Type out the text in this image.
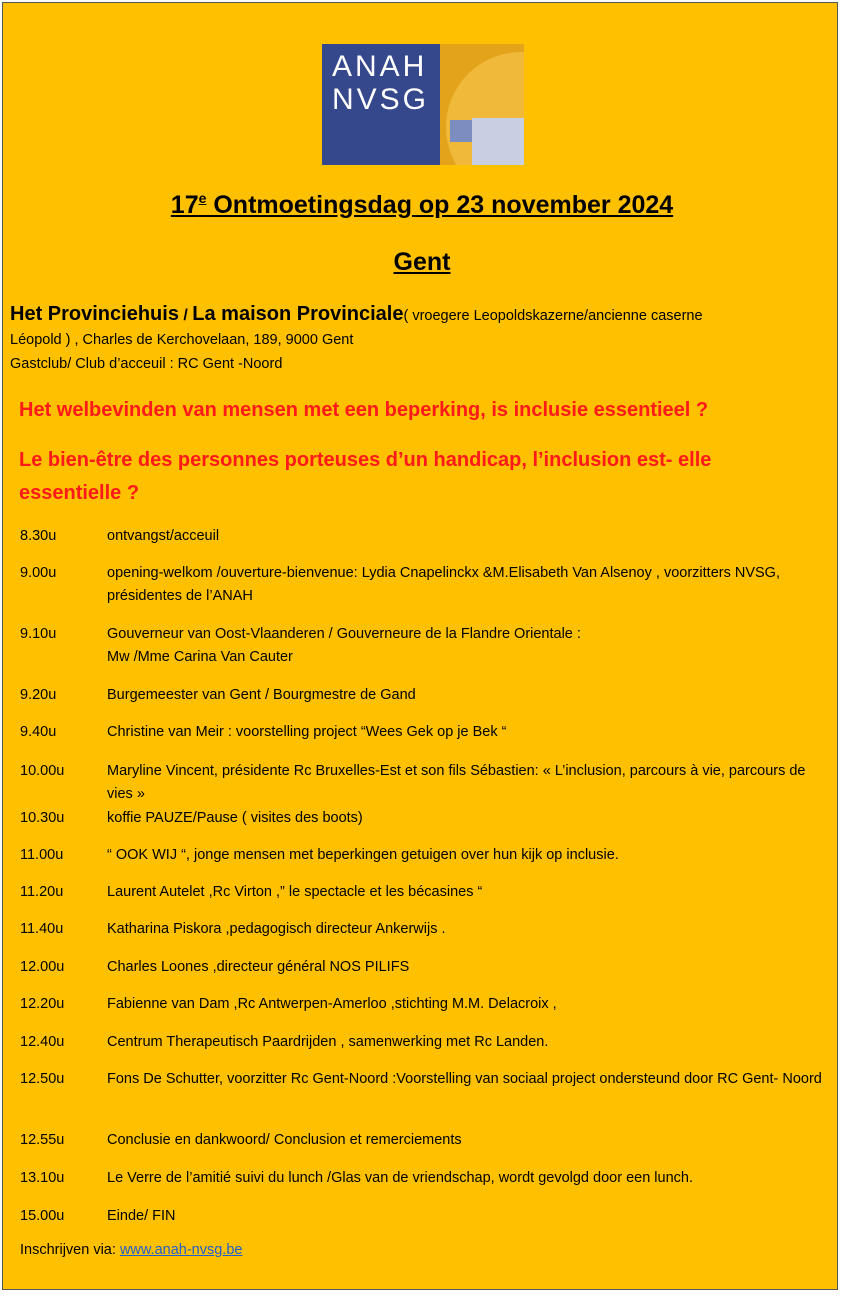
ANAH
NVSG
17e Ontmoetingsdag op 23 november 2024
Gent
Het Provinciehuis / La maison Provinciale( vroegere Leopoldskazerne/ancienne caserne
Léopold ) , Charles de Kerchovelaan, 189, 9000 Gent
Gastclub/ Club d’acceuil : RC Gent -Noord
Het welbevinden van mensen met een beperking, is inclusie essentieel ?
Le bien-être des personnes porteuses d’un handicap, l’inclusion est- elle essentielle ?
8.30u	ontvangst/acceuil
9.00u	opening-welkom /ouverture-bienvenue: Lydia Cnapelinckx &M.Elisabeth Van Alsenoy , voorzitters NVSG, présidentes de l’ANAH
9.10u	Gouverneur van Oost-Vlaanderen / Gouverneure de la Flandre Orientale :
Mw /Mme Carina Van Cauter
9.20u	Burgemeester van Gent / Bourgmestre de Gand
9.40u	Christine van Meir : voorstelling project “Wees Gek op je Bek “
10.00u	Maryline Vincent, présidente Rc Bruxelles-Est et son fils Sébastien: « L’inclusion, parcours à vie, parcours de vies »
10.30u	koffie PAUZE/Pause ( visites des boots)
11.00u	“ OOK WIJ “, jonge mensen met beperkingen getuigen over hun kijk op inclusie.
11.20u	Laurent Autelet ,Rc Virton ,” le spectacle et les bécasines “
11.40u	Katharina Piskora ,pedagogisch directeur Ankerwijs .
12.00u	Charles Loones ,directeur général NOS PILIFS
12.20u	Fabienne van Dam ,Rc Antwerpen-Amerloo ,stichting M.M. Delacroix ,
12.40u	Centrum Therapeutisch Paardrijden , samenwerking met Rc Landen.
12.50u	Fons De Schutter, voorzitter Rc Gent-Noord :Voorstelling van sociaal project ondersteund door RC Gent- Noord
12.55u	Conclusie en dankwoord/ Conclusion et remerciements
13.10u	Le Verre de l’amitié suivi du lunch /Glas van de vriendschap, wordt gevolgd door een lunch.
15.00u	Einde/ FIN
Inschrijven via: www.anah-nvsg.be
